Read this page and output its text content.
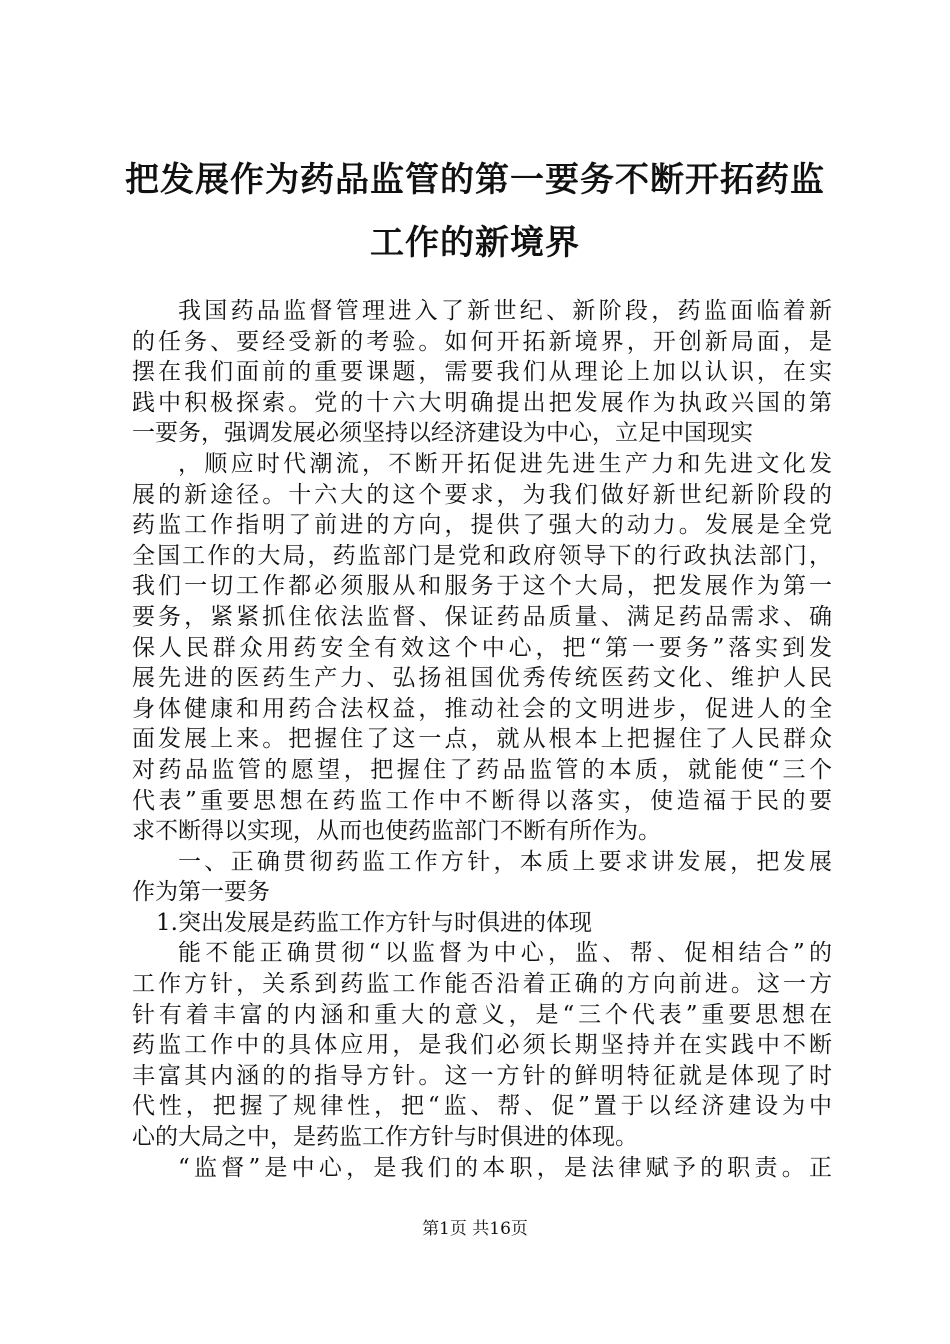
把发展作为药品监管的第一要务不断开拓药监
工作的新境界
我国药品监督管理进入了新世纪、新阶段，药监面临着新
的任务、要经受新的考验。如何开拓新境界，开创新局面，是
摆在我们面前的重要课题，需要我们从理论上加以认识，在实
践中积极探索。党的十六大明确提出把发展作为执政兴国的第
一要务，强调发展必须坚持以经济建设为中心，立足中国现实
，顺应时代潮流，不断开拓促进先进生产力和先进文化发
展的新途径。十六大的这个要求，为我们做好新世纪新阶段的
药监工作指明了前进的方向，提供了强大的动力。发展是全党
全国工作的大局，药监部门是党和政府领导下的行政执法部门，
我们一切工作都必须服从和服务于这个大局，把发展作为第一
要务，紧紧抓住依法监督、保证药品质量、满足药品需求、确
保人民群众用药安全有效这个中心，把“第一要务”落实到发
展先进的医药生产力、弘扬祖国优秀传统医药文化、维护人民
身体健康和用药合法权益，推动社会的文明进步，促进人的全
面发展上来。把握住了这一点，就从根本上把握住了人民群众
对药品监管的愿望，把握住了药品监管的本质，就能使“三个
代表”重要思想在药监工作中不断得以落实，使造福于民的要
求不断得以实现，从而也使药监部门不断有所作为。
一、正确贯彻药监工作方针，本质上要求讲发展，把发展
作为第一要务
1.突出发展是药监工作方针与时俱进的体现
能不能正确贯彻“以监督为中心，监、帮、促相结合”的
工作方针，关系到药监工作能否沿着正确的方向前进。这一方
针有着丰富的内涵和重大的意义，是“三个代表”重要思想在
药监工作中的具体应用，是我们必须长期坚持并在实践中不断
丰富其内涵的的指导方针。这一方针的鲜明特征就是体现了时
代性，把握了规律性，把“监、帮、促”置于以经济建设为中
心的大局之中，是药监工作方针与时俱进的体现。
“监督”是中心，是我们的本职，是法律赋予的职责。正
第1页 共16页
